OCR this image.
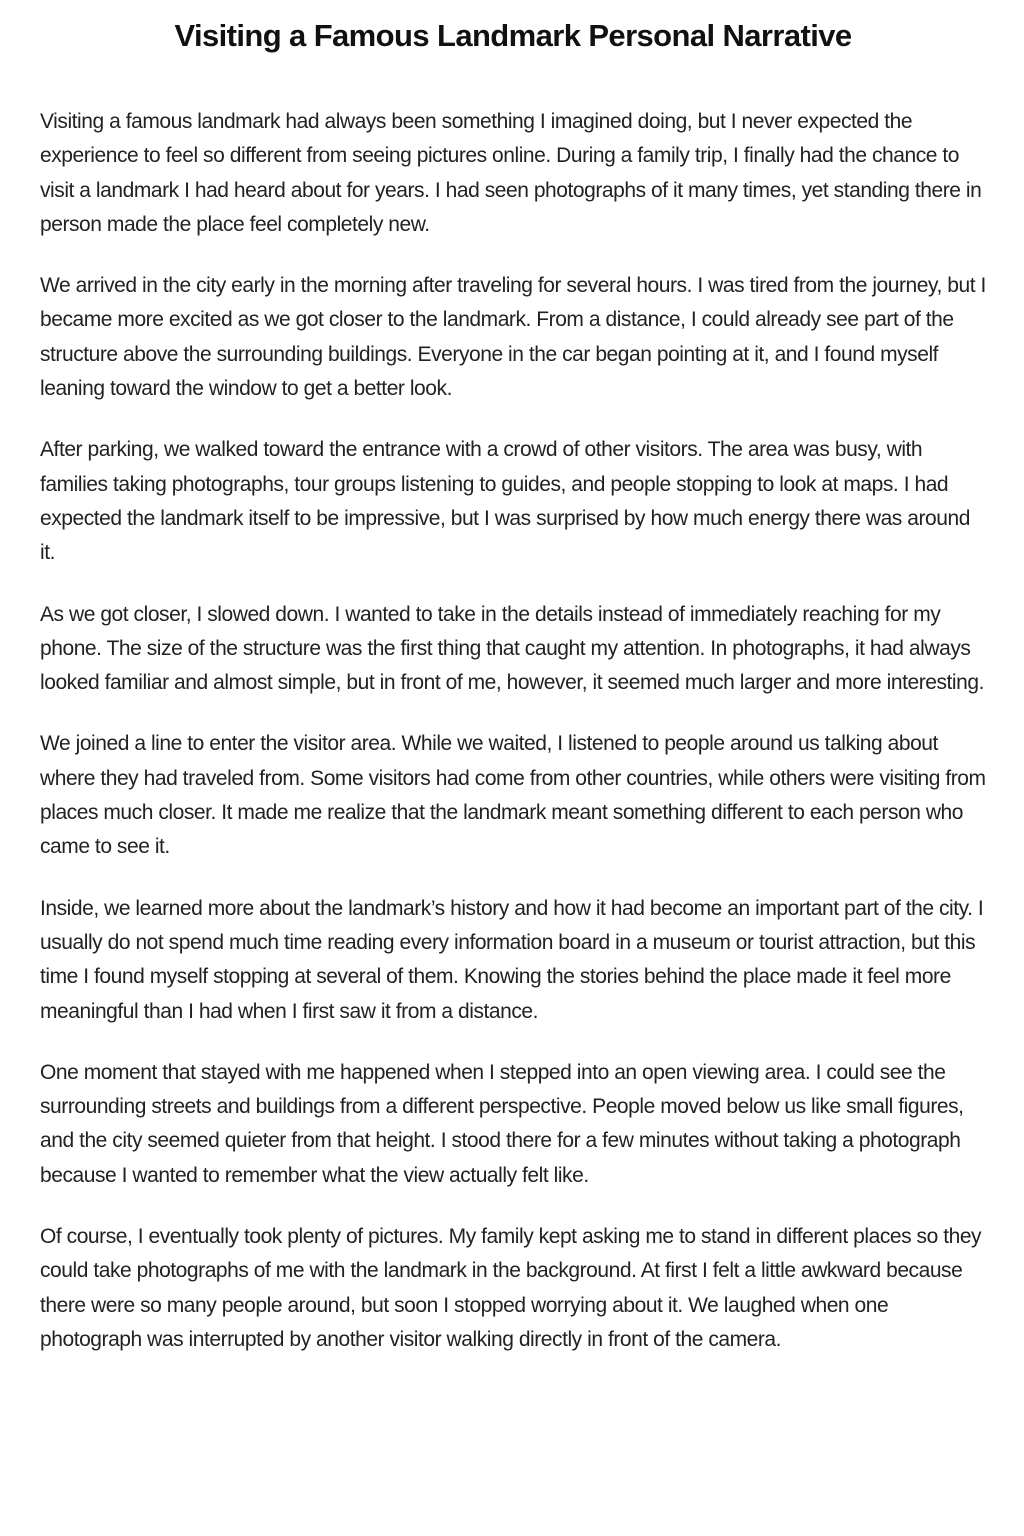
Visiting a Famous Landmark Personal Narrative

Visiting a famous landmark had always been something I imagined doing, but I never expected the experience to feel so different from seeing pictures online. During a family trip, I finally had the chance to visit a landmark I had heard about for years. I had seen photographs of it many times, yet standing there in person made the place feel completely new.

We arrived in the city early in the morning after traveling for several hours. I was tired from the journey, but I became more excited as we got closer to the landmark. From a distance, I could already see part of the structure above the surrounding buildings. Everyone in the car began pointing at it, and I found myself leaning toward the window to get a better look.

After parking, we walked toward the entrance with a crowd of other visitors. The area was busy, with families taking photographs, tour groups listening to guides, and people stopping to look at maps. I had expected the landmark itself to be impressive, but I was surprised by how much energy there was around it.

As we got closer, I slowed down. I wanted to take in the details instead of immediately reaching for my phone. The size of the structure was the first thing that caught my attention. In photographs, it had always looked familiar and almost simple, but in front of me, however, it seemed much larger and more interesting.

We joined a line to enter the visitor area. While we waited, I listened to people around us talking about where they had traveled from. Some visitors had come from other countries, while others were visiting from places much closer. It made me realize that the landmark meant something different to each person who came to see it.

Inside, we learned more about the landmark’s history and how it had become an important part of the city. I usually do not spend much time reading every information board in a museum or tourist attraction, but this time I found myself stopping at several of them. Knowing the stories behind the place made it feel more meaningful than I had when I first saw it from a distance.

One moment that stayed with me happened when I stepped into an open viewing area. I could see the surrounding streets and buildings from a different perspective. People moved below us like small figures, and the city seemed quieter from that height. I stood there for a few minutes without taking a photograph because I wanted to remember what the view actually felt like.

Of course, I eventually took plenty of pictures. My family kept asking me to stand in different places so they could take photographs of me with the landmark in the background. At first I felt a little awkward because there were so many people around, but soon I stopped worrying about it. We laughed when one photograph was interrupted by another visitor walking directly in front of the camera.
